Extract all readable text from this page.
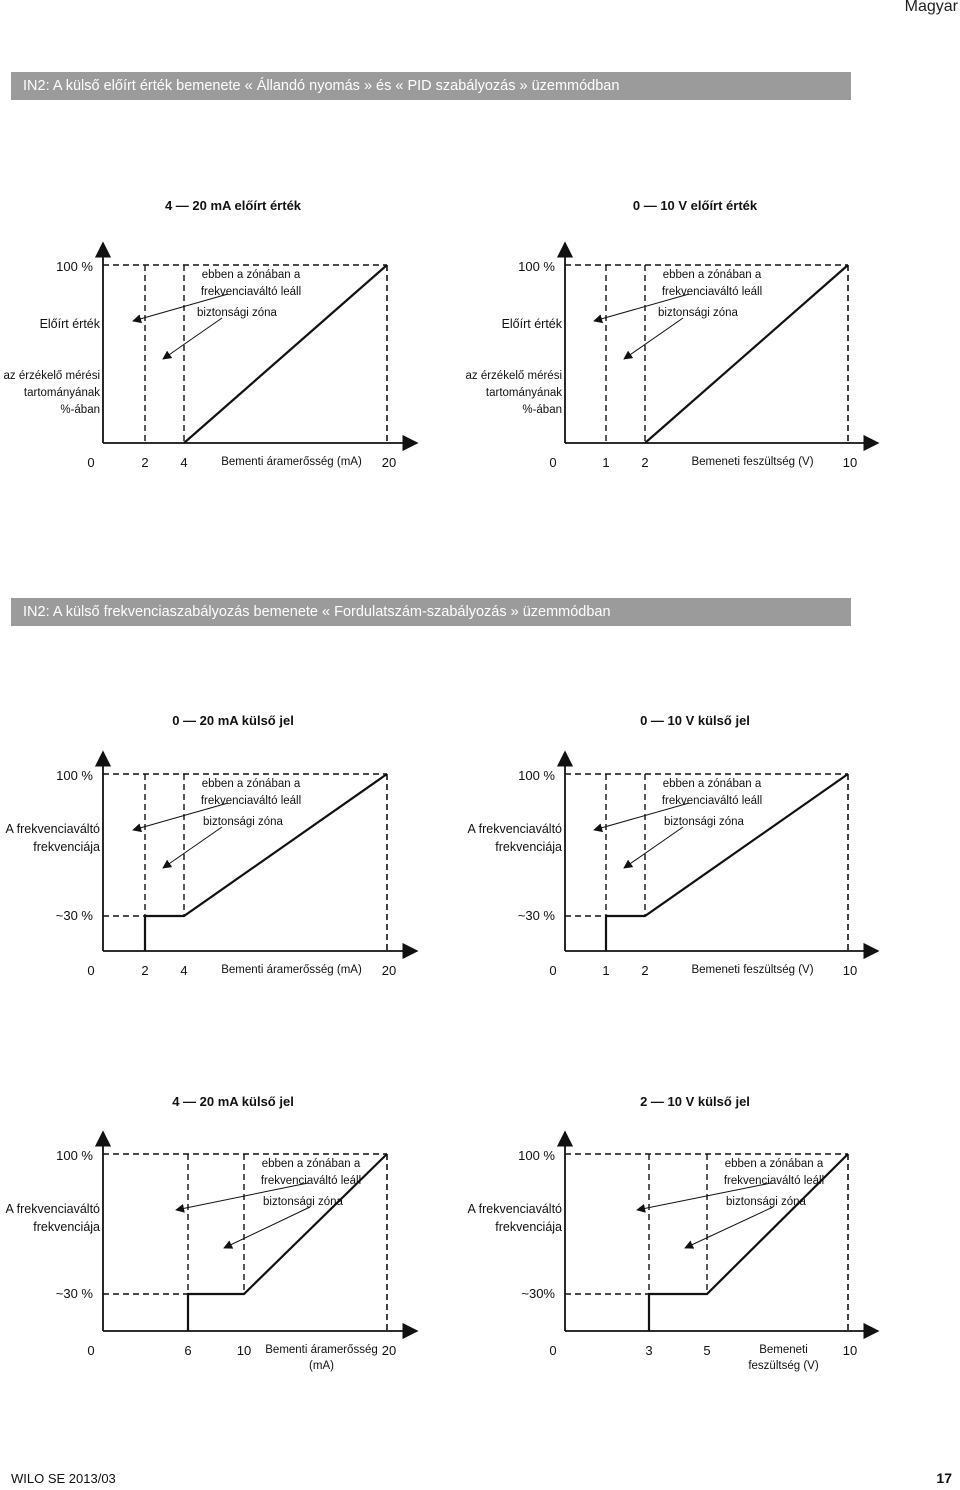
Magyar
IN2: A külső előírt érték bemenete « Állandó nyomás » és « PID szabályozás » üzemmódban
IN2: A külső frekvenciaszabályozás bemenete « Fordulatszám-szabályozás » üzemmódban
4 — 20 mA előírt érték
100 %
Előírt érték
az érzékelő mérési
tartományának
%-ában
0	2 4	20
Bementi áramerősség (mA)
ebben a zónában a
frekvenciaváltó leáll
biztonsági zóna
0 — 10 V előírt érték
100 %
Előírt érték
az érzékelő mérési
tartományának
%-ában
0	1 2	10
Bemeneti feszültség (V)
ebben a zónában a
frekvenciaváltó leáll
biztonsági zóna
0 — 20 mA külső jel
~30 %
100 %
A frekvenciaváltó
frekvenciája
0	2 4	20
Bementi áramerősség (mA)
ebben a zónában a
frekvenciaváltó leáll
biztonsági zóna
0 — 10 V külső jel
~30 %
100 %
A frekvenciaváltó
frekvenciája
0	1 2	10
Bemeneti feszültség (V)
ebben a zónában a
frekvenciaváltó leáll
biztonsági zóna
4 — 20 mA külső jel
~30 %
100 %
A frekvenciaváltó
frekvenciája
0	6	10	20
Bementi áramerősség
(mA)
ebben a zónában a
frekvenciaváltó leáll
biztonsági zóna
2 — 10 V külső jel
~30%
100 %
A frekvenciaváltó
frekvenciája
0	3	5	10
Bemeneti
feszültség (V)
ebben a zónában a
frekvenciaváltó leáll
biztonsági zóna
WILO SE 2013/03	17
